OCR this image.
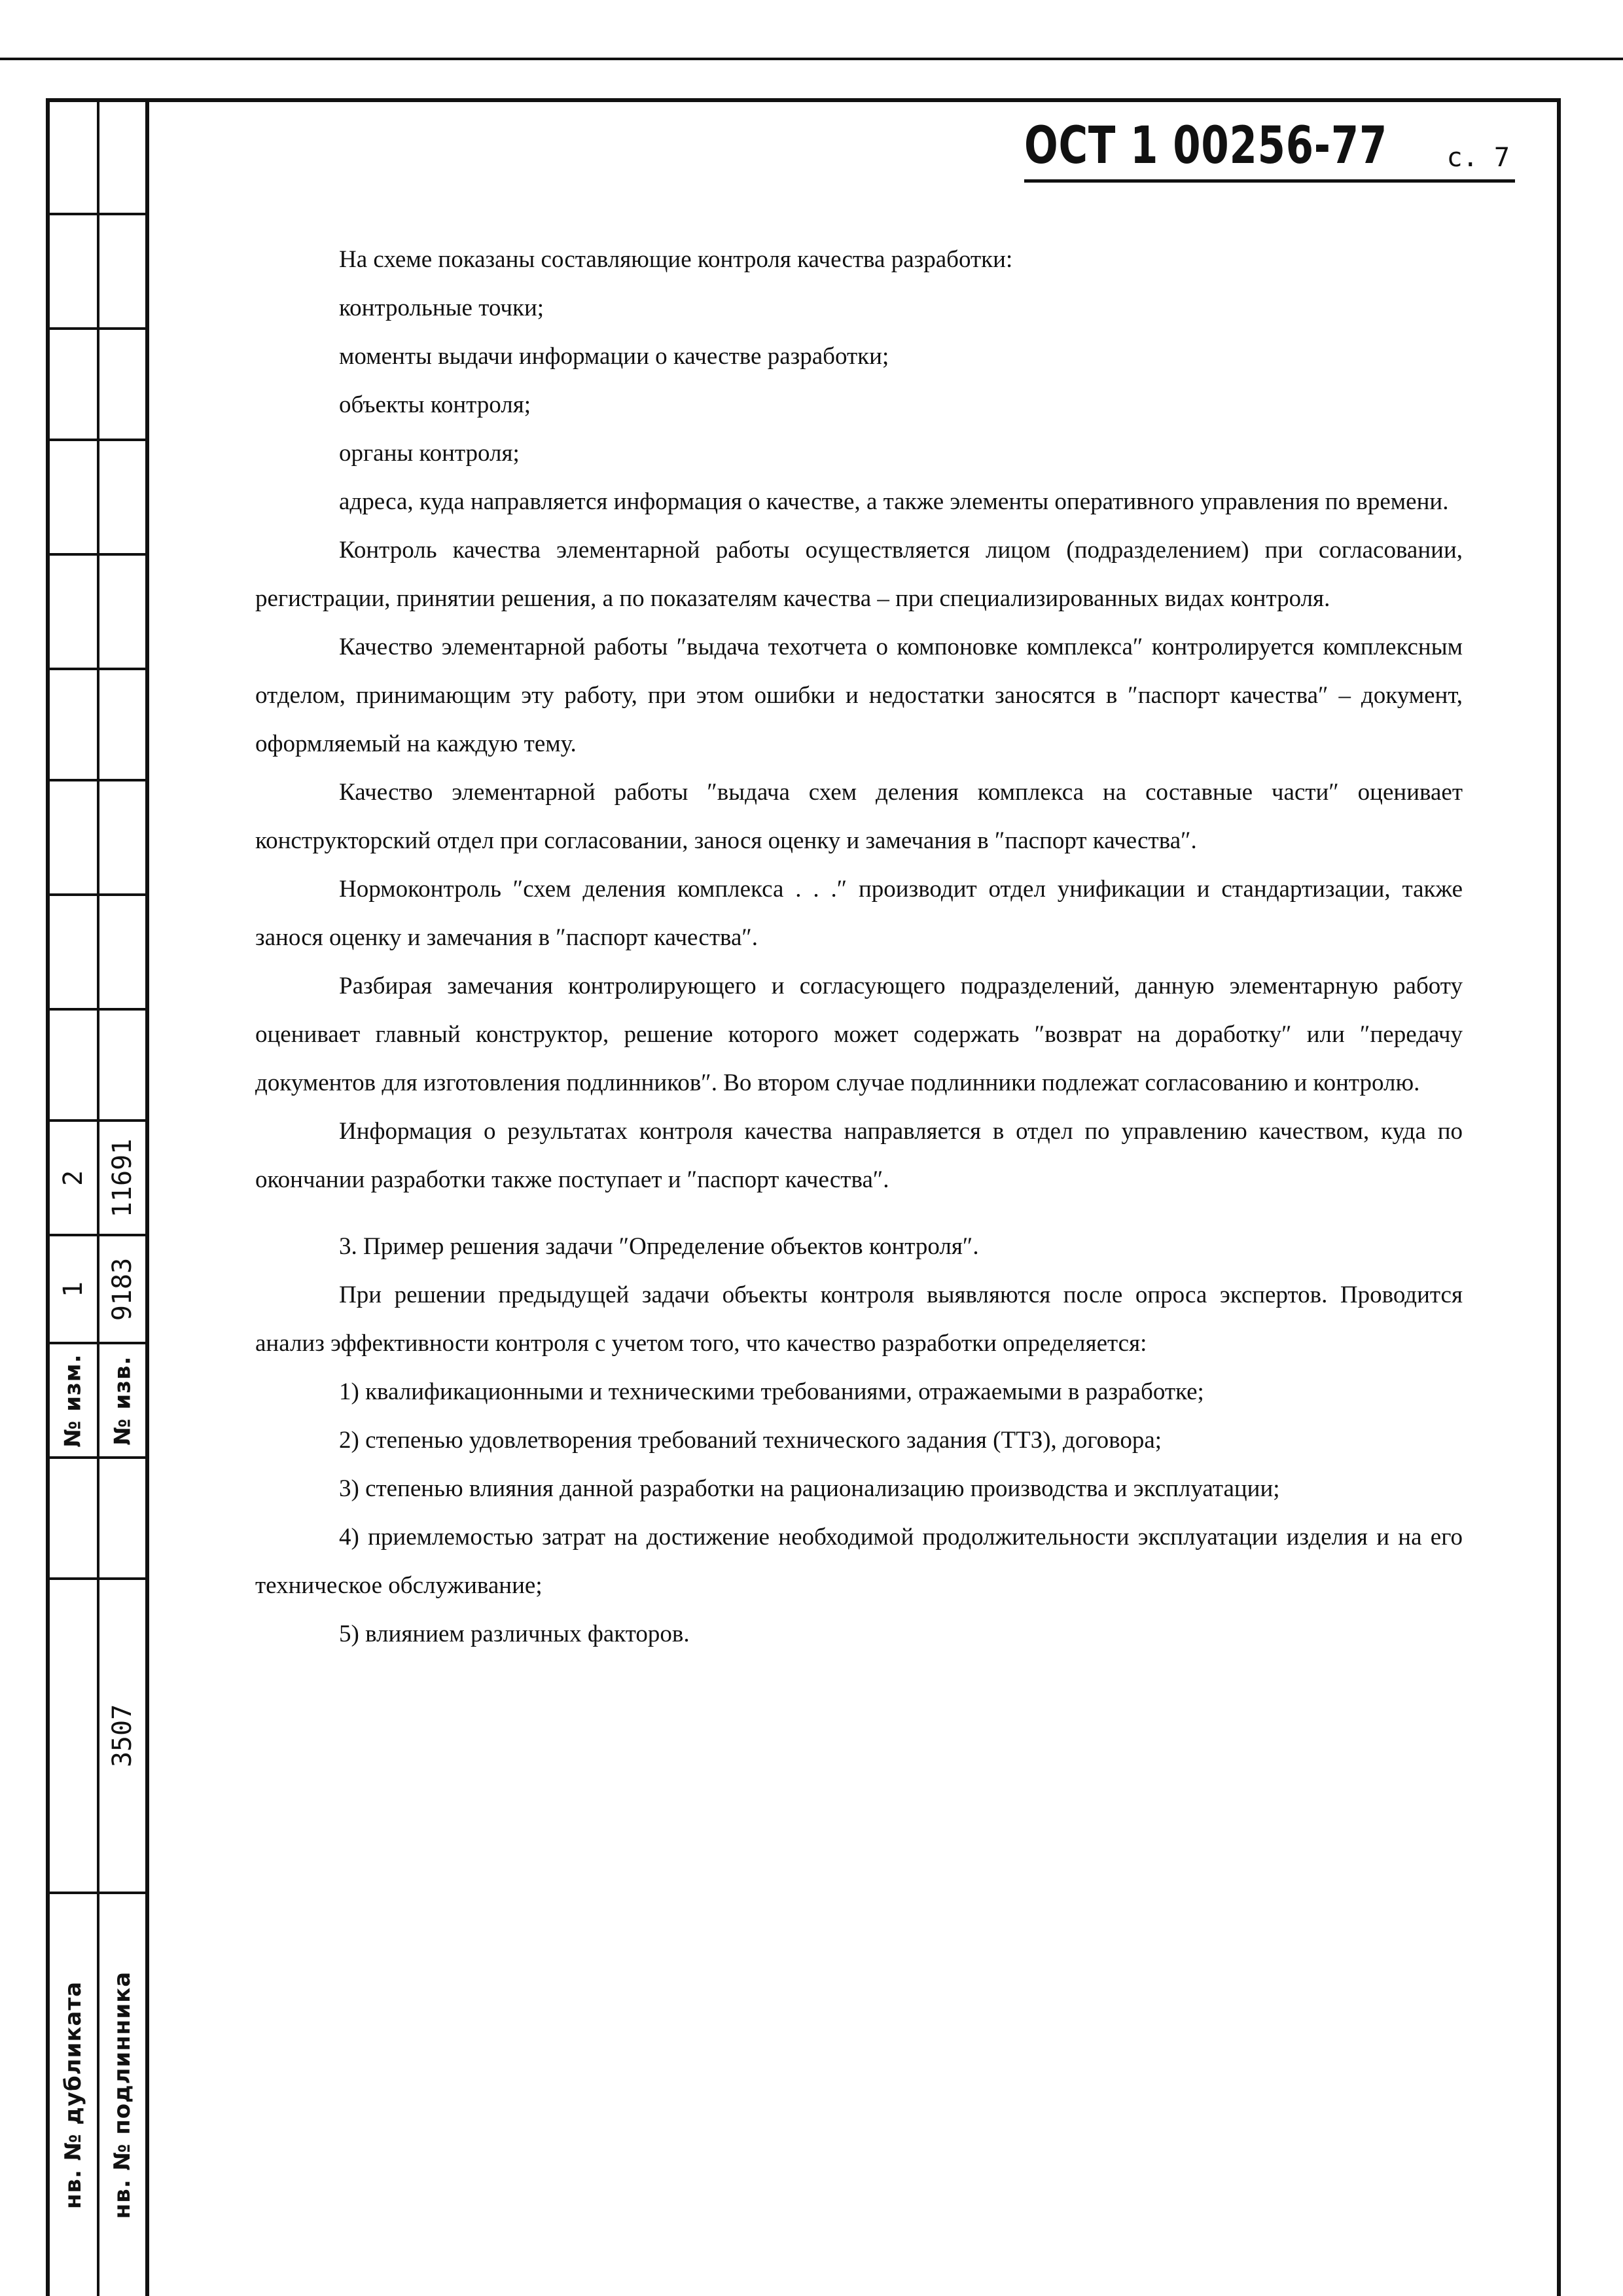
№ изм.
1
2
№ изв.
9183
11691
3507
нв. № дубликата нв. № подлинника
ОСТ 1 00256-77 с. 7

На схеме показаны составляющие контроля качества разработки:

контрольные точки;

моменты выдачи информации о качестве разработки;

объекты контроля;

органы контроля;

адреса, куда направляется информация о качестве, а также элементы оперативного управления по времени.

Контроль качества элементарной работы осуществляется лицом (подразделением) при согласовании, регистрации, принятии решения, а по показателям качества – при специализированных видах контроля.

Качество элементарной работы ″выдача техотчета о компоновке комплекса″ контролируется комплексным отделом, принимающим эту работу, при этом ошибки и недостатки заносятся в ″паспорт качества″ – документ, оформляемый на каждую тему.

Качество элементарной работы ″выдача схем деления комплекса на составные части″ оценивает конструкторский отдел при согласовании, занося оценку и замечания в ″паспорт качества″.

Нормоконтроль ″схем деления комплекса . . .″ производит отдел унификации и стандартизации, также занося оценку и замечания в ″паспорт качества″.

Разбирая замечания контролирующего и согласующего подразделений, данную элементарную работу оценивает главный конструктор, решение которого может содержать ″возврат на доработку″ или ″передачу документов для изготовления подлинников″. Во втором случае подлинники подлежат согласованию и контролю.

Информация о результатах контроля качества направляется в отдел по управлению качеством, куда по окончании разработки также поступает и ″паспорт качества″.

3. Пример решения задачи ″Определение объектов контроля″.

При решении предыдущей задачи объекты контроля выявляются после опроса экспертов. Проводится анализ эффективности контроля с учетом того, что качество разработки определяется:

1) квалификационными и техническими требованиями, отражаемыми в разработке;

2) степенью удовлетворения требований технического задания (ТТЗ), договора;

3) степенью влияния данной разработки на рационализацию производства и эксплуатации;

4) приемлемостью затрат на достижение необходимой продолжительности эксплуатации изделия и на его техническое обслуживание;

5) влиянием различных факторов.
